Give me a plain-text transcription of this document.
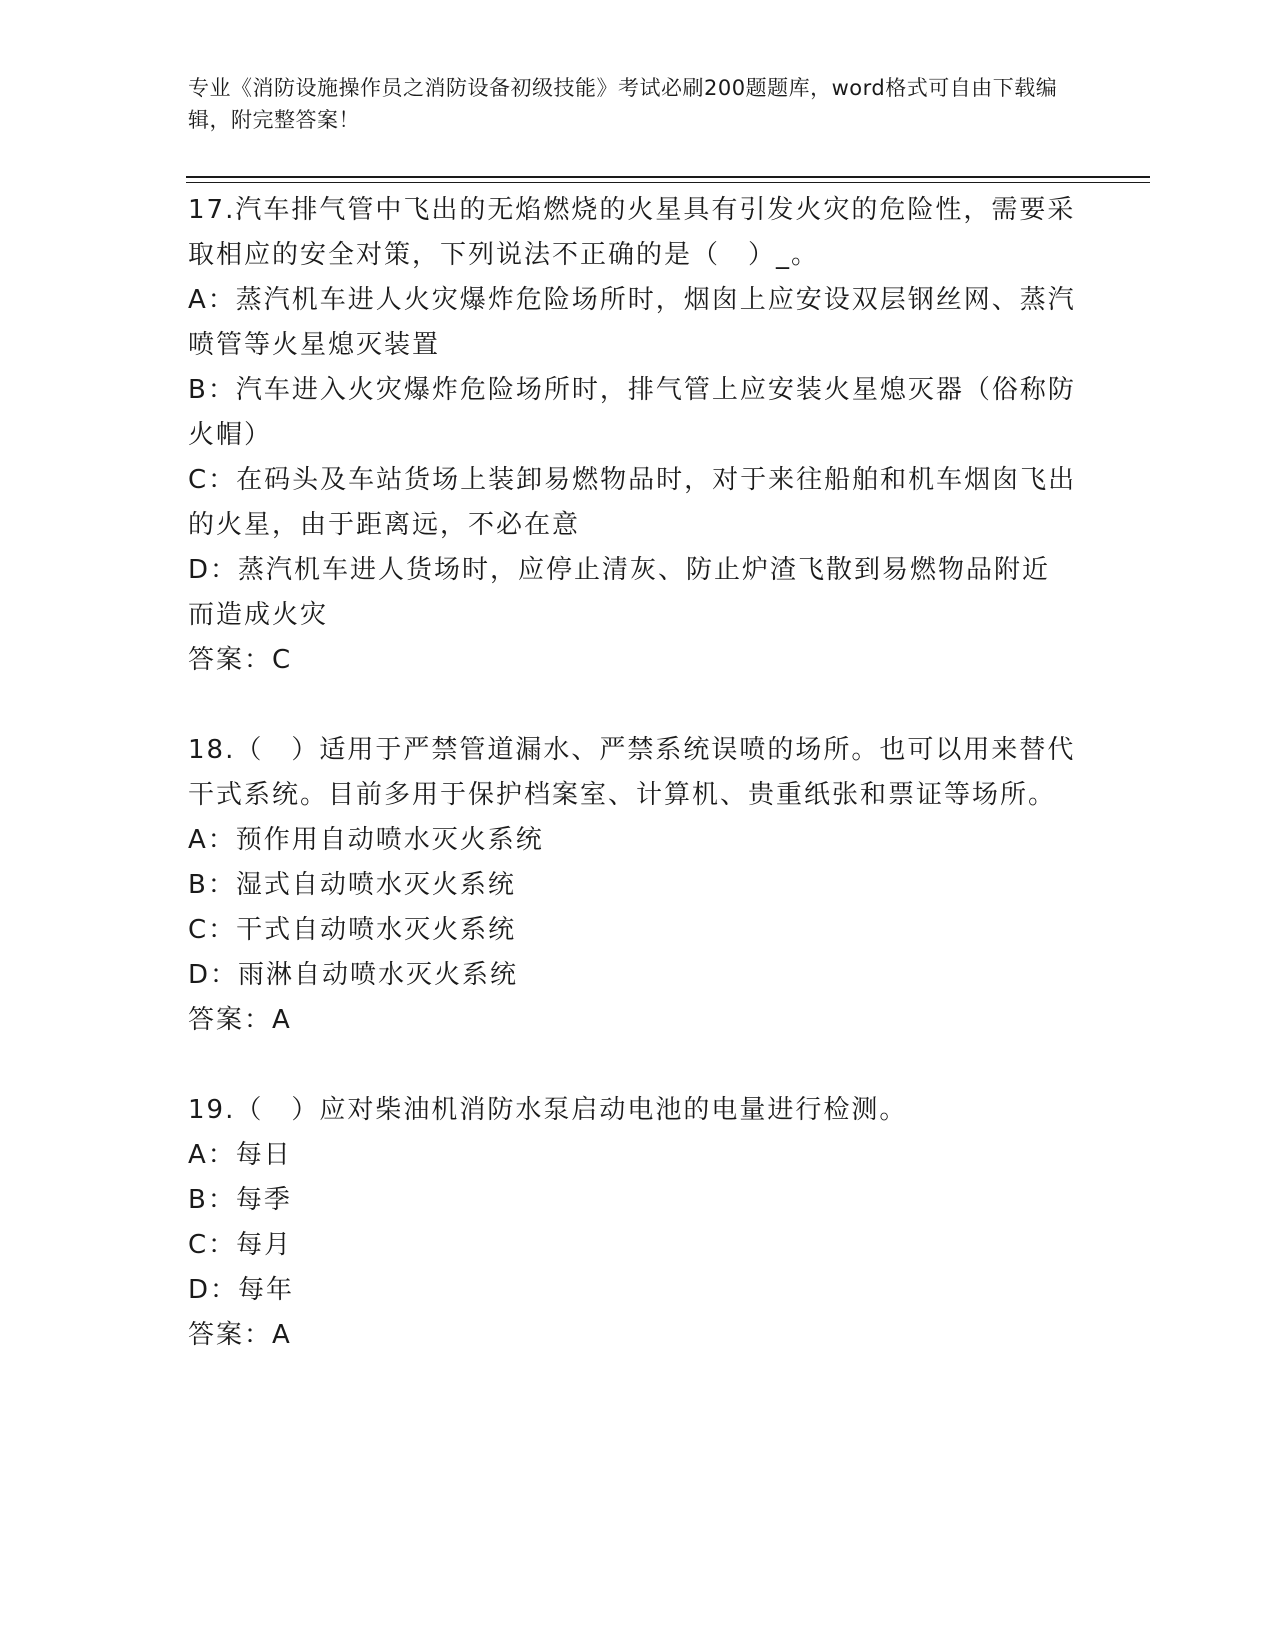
专业《消防设施操作员之消防设备初级技能》考试必刷200题题库，word格式可自由下载编辑，附完整答案！

17.汽车排气管中飞出的无焰燃烧的火星具有引发火灾的危险性，需要采取相应的安全对策，下列说法不正确的是（　）_。

A：蒸汽机车进人火灾爆炸危险场所时，烟囱上应安设双层钢丝网、蒸汽喷管等火星熄灭装置

B：汽车进入火灾爆炸危险场所时，排气管上应安装火星熄灭器（俗称防火帽）

C：在码头及车站货场上装卸易燃物品时，对于来往船舶和机车烟囱飞出的火星，由于距离远，不必在意

D：蒸汽机车进人货场时，应停止清灰、防止炉渣飞散到易燃物品附近而造成火灾

答案：C

18.（　）适用于严禁管道漏水、严禁系统误喷的场所。也可以用来替代干式系统。目前多用于保护档案室、计算机、贵重纸张和票证等场所。

A：预作用自动喷水灭火系统

B：湿式自动喷水灭火系统

C：干式自动喷水灭火系统

D：雨淋自动喷水灭火系统

答案：A

19.（　）应对柴油机消防水泵启动电池的电量进行检测。

A：每日

B：每季

C：每月

D：每年

答案：A
